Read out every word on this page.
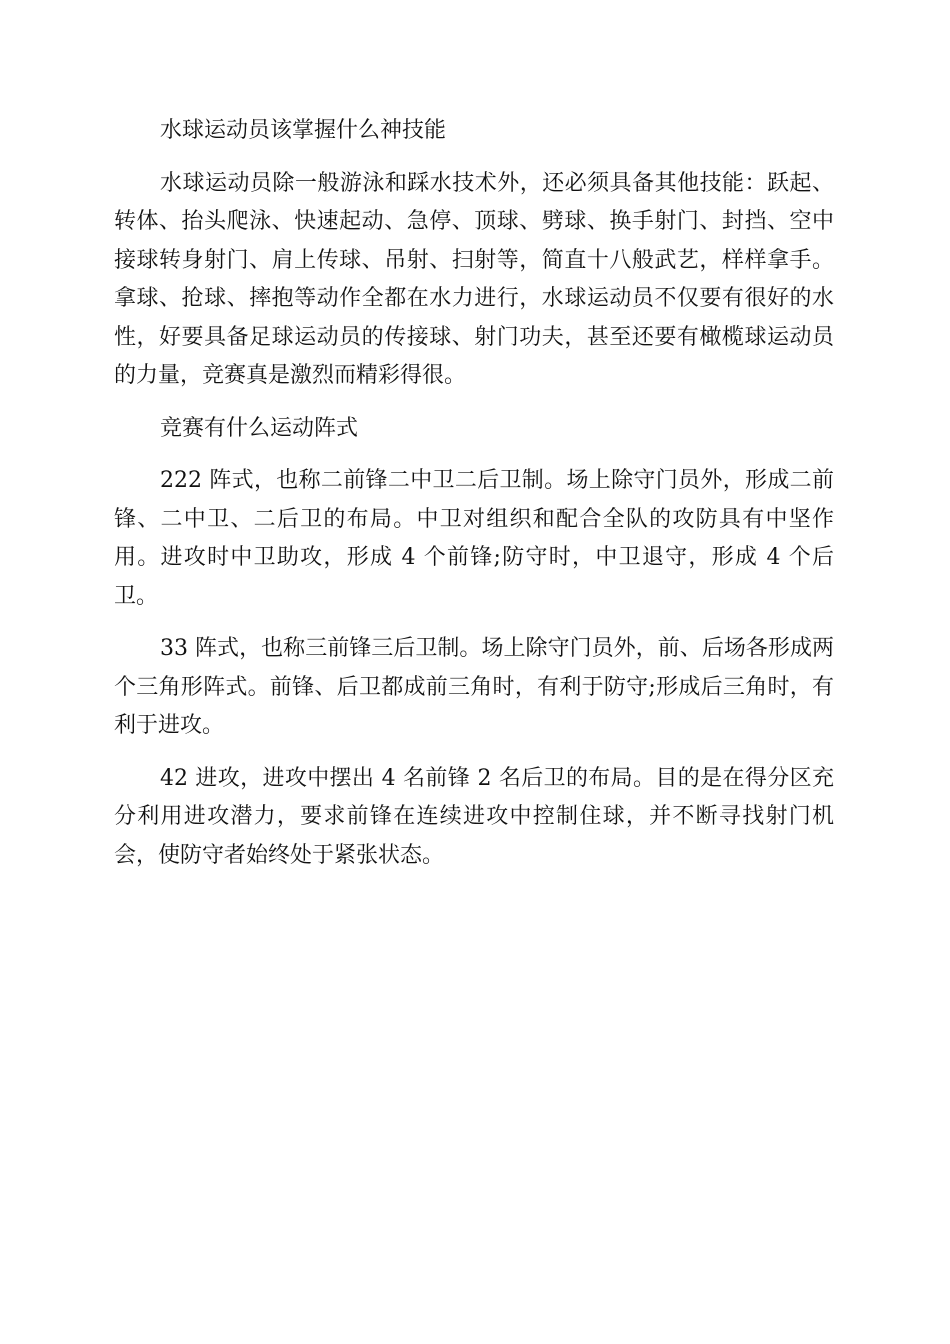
水球运动员该掌握什么神技能

水球运动员除一般游泳和踩水技术外，还必须具备其他技能：跃起、转体、抬头爬泳、快速起动、急停、顶球、劈球、换手射门、封挡、空中接球转身射门、肩上传球、吊射、扫射等，简直十八般武艺，样样拿手。拿球、抢球、摔抱等动作全都在水力进行，水球运动员不仅要有很好的水性，好要具备足球运动员的传接球、射门功夫，甚至还要有橄榄球运动员的力量，竞赛真是激烈而精彩得很。

竞赛有什么运动阵式

222 阵式，也称二前锋二中卫二后卫制。场上除守门员外，形成二前锋、二中卫、二后卫的布局。中卫对组织和配合全队的攻防具有中坚作用。进攻时中卫助攻，形成 4 个前锋;防守时，中卫退守，形成 4 个后卫。

33 阵式，也称三前锋三后卫制。场上除守门员外，前、后场各形成两个三角形阵式。前锋、后卫都成前三角时，有利于防守;形成后三角时，有利于进攻。

42 进攻，进攻中摆出 4 名前锋 2 名后卫的布局。目的是在得分区充分利用进攻潜力，要求前锋在连续进攻中控制住球，并不断寻找射门机会，使防守者始终处于紧张状态。
